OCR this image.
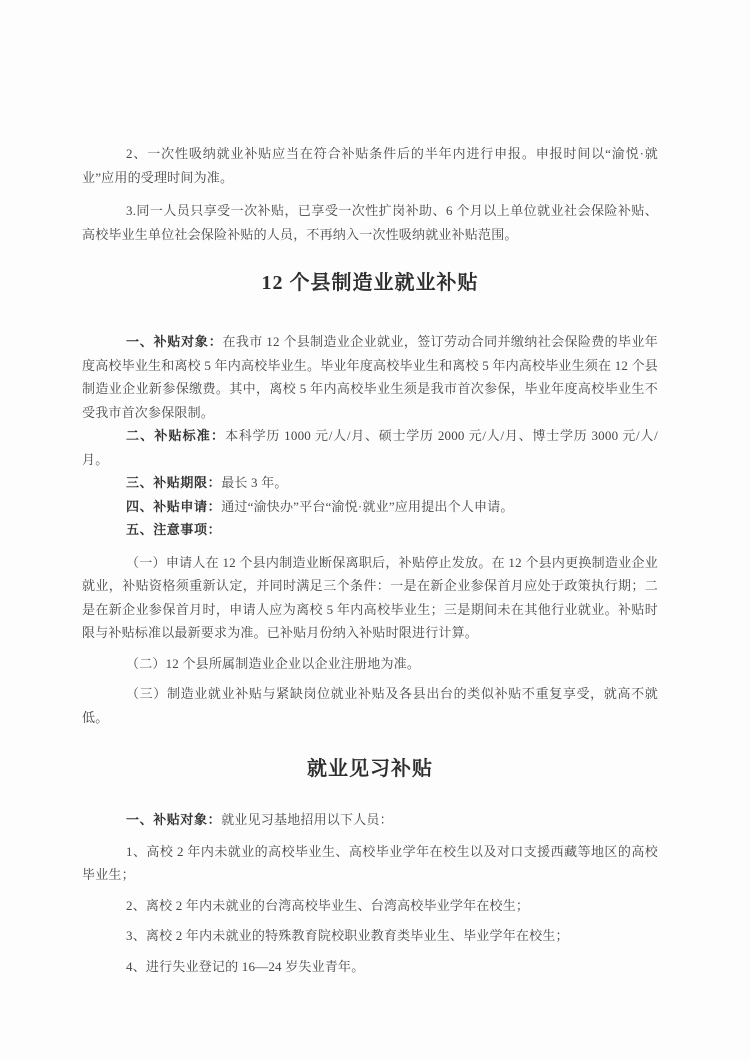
2、一次性吸纳就业补贴应当在符合补贴条件后的半年内进行申报。申报时间以“渝悦·就业”应用的受理时间为准。

3.同一人员只享受一次补贴，已享受一次性扩岗补助、6 个月以上单位就业社会保险补贴、高校毕业生单位社会保险补贴的人员，不再纳入一次性吸纳就业补贴范围。

12 个县制造业就业补贴

一、补贴对象：在我市 12 个县制造业企业就业，签订劳动合同并缴纳社会保险费的毕业年度高校毕业生和离校 5 年内高校毕业生。毕业年度高校毕业生和离校 5 年内高校毕业生须在 12 个县制造业企业新参保缴费。其中，离校 5 年内高校毕业生须是我市首次参保，毕业年度高校毕业生不受我市首次参保限制。

二、补贴标准：本科学历 1000 元/人/月、硕士学历 2000 元/人/月、博士学历 3000 元/人/月。

三、补贴期限：最长 3 年。

四、补贴申请：通过“渝快办”平台“渝悦·就业”应用提出个人申请。

五、注意事项：

（一）申请人在 12 个县内制造业断保离职后，补贴停止发放。在 12 个县内更换制造业企业就业，补贴资格须重新认定，并同时满足三个条件：一是在新企业参保首月应处于政策执行期；二是在新企业参保首月时，申请人应为离校 5 年内高校毕业生；三是期间未在其他行业就业。补贴时限与补贴标准以最新要求为准。已补贴月份纳入补贴时限进行计算。

（二）12 个县所属制造业企业以企业注册地为准。

（三）制造业就业补贴与紧缺岗位就业补贴及各县出台的类似补贴不重复享受，就高不就低。

就业见习补贴

一、补贴对象：就业见习基地招用以下人员：

1、高校 2 年内未就业的高校毕业生、高校毕业学年在校生以及对口支援西藏等地区的高校毕业生；

2、离校 2 年内未就业的台湾高校毕业生、台湾高校毕业学年在校生；

3、离校 2 年内未就业的特殊教育院校职业教育类毕业生、毕业学年在校生；

4、进行失业登记的 16—24 岁失业青年。
